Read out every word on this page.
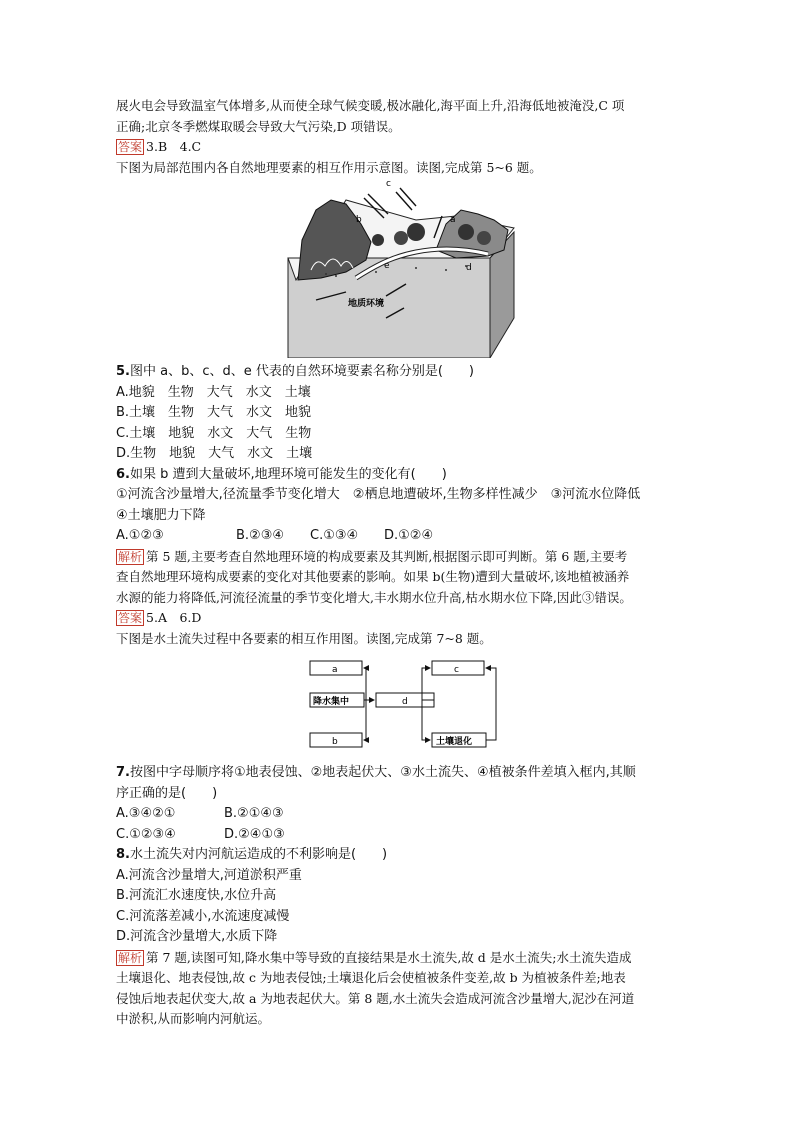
展火电会导致温室气体增多,从而使全球气候变暖,极冰融化,海平面上升,沿海低地被淹没,C 项

正确;北京冬季燃煤取暖会导致大气污染,D 项错误。

答案 3.B　4.C

下图为局部范围内各自然地理要素的相互作用示意图。读图,完成第 5~6 题。

c
b	a
e	d
地质环境

5.图中 a、b、c、d、e 代表的自然环境要素名称分别是(　　)

A.地貌　生物　大气　水文　土壤

B.土壤　生物　大气　水文　地貌

C.土壤　地貌　水文　大气　生物

D.生物　地貌　大气　水文　土壤

6.如果 b 遭到大量破坏,地理环境可能发生的变化有(　　)

①河流含沙量增大,径流量季节变化增大　②栖息地遭破坏,生物多样性减少　③河流水位降低

④土壤肥力下降

A.①②③	B.②③④ C.①③④ D.①②④

解析 第 5 题,主要考查自然地理环境的构成要素及其判断,根据图示即可判断。第 6 题,主要考

查自然地理环境构成要素的变化对其他要素的影响。如果 b(生物)遭到大量破坏,该地植被涵养

水源的能力将降低,河流径流量的季节变化增大,丰水期水位升高,枯水期水位下降,因此③错误。

答案 5.A　6.D

下图是水土流失过程中各要素的相互作用图。读图,完成第 7~8 题。

a
降水集中
b
d
c
土壤退化

7.按图中字母顺序将①地表侵蚀、②地表起伏大、③水土流失、④植被条件差填入框内,其顺

序正确的是(　　)

A.③④②①	B.②①④③

C.①②③④	D.②④①③

8.水土流失对内河航运造成的不利影响是(　　)

A.河流含沙量增大,河道淤积严重

B.河流汇水速度快,水位升高

C.河流落差减小,水流速度减慢

D.河流含沙量增大,水质下降

解析 第 7 题,读图可知,降水集中等导致的直接结果是水土流失,故 d 是水土流失;水土流失造成

土壤退化、地表侵蚀,故 c 为地表侵蚀;土壤退化后会使植被条件变差,故 b 为植被条件差;地表

侵蚀后地表起伏变大,故 a 为地表起伏大。第 8 题,水土流失会造成河流含沙量增大,泥沙在河道

中淤积,从而影响内河航运。
